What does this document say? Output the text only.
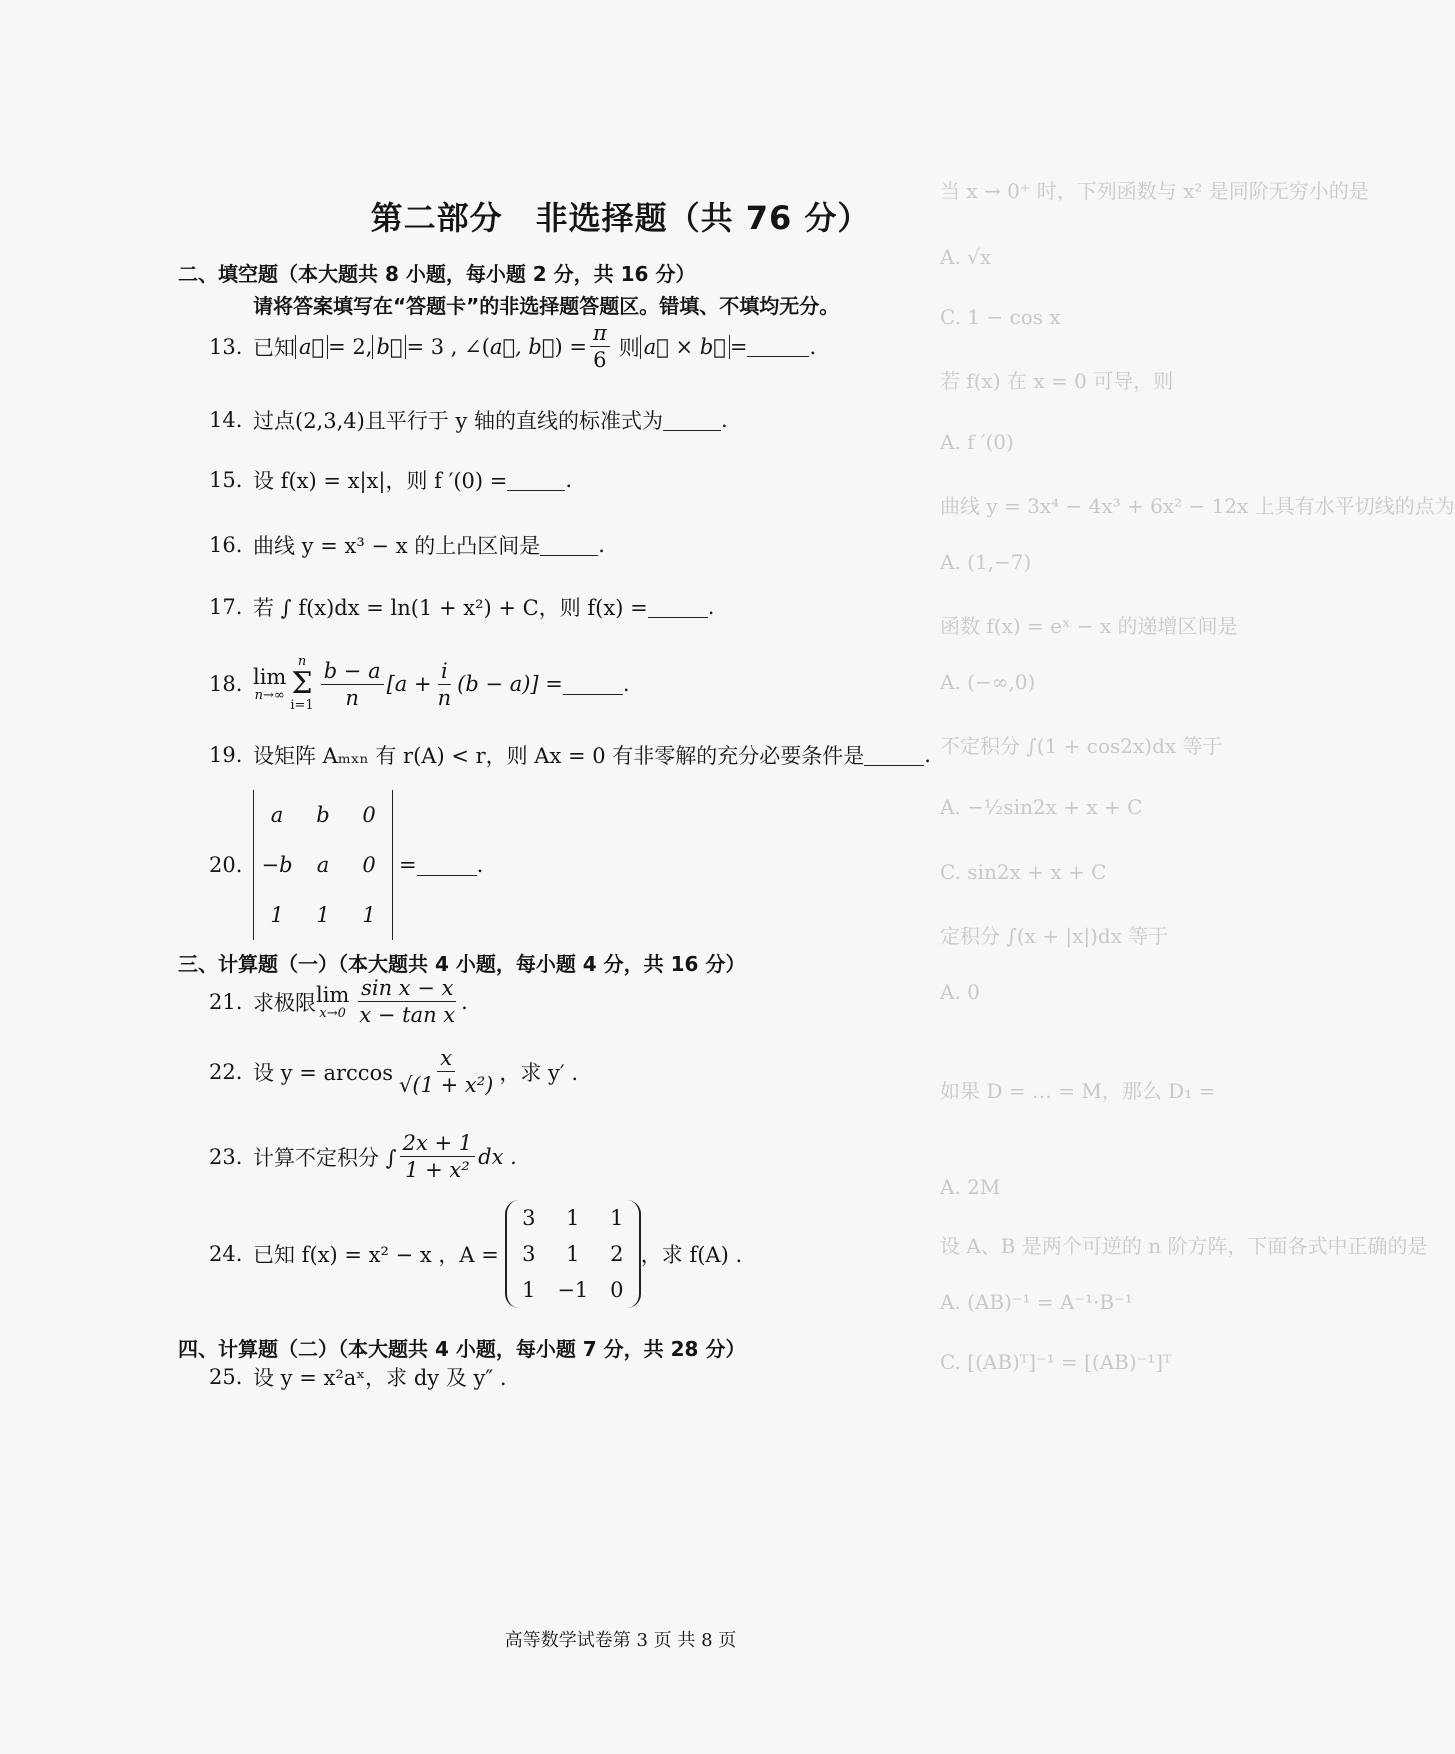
当 x → 0⁺ 时，下列函数与 x² 是同阶无穷小的是
A. √x
C. 1 − cos x
若 f(x) 在 x = 0 可导，则
A. f ′(0)
曲线 y = 3x⁴ − 4x³ + 6x² − 12x 上具有水平切线的点为
A. (1,−7)
函数 f(x) = eˣ − x 的递增区间是
A. (−∞,0)
不定积分 ∫(1 + cos2x)dx 等于
A. −½sin2x + x + C
C. sin2x + x + C
定积分 ∫(x + |x|)dx 等于
A. 0
如果 D = … = M，那么 D₁ =
A. 2M
设 A、B 是两个可逆的 n 阶方阵，下面各式中正确的是
A. (AB)⁻¹ = A⁻¹·B⁻¹
C. [(AB)ᵀ]⁻¹ = [(AB)⁻¹]ᵀ
第二部分　非选择题（共 76 分）
二、填空题（本大题共 8 小题，每小题 2 分，共 16 分）
请将答案填写在“答题卡”的非选择题答题区。错填、不填均无分。
13. 已知 a⃗ = 2, b⃗ = 3 , ∠( a⃗, b⃗ ) = $\frac{\pi}{6}$ 则 a⃗ × b⃗ =	.
14. 过点(2,3,4)且平行于 y 轴的直线的标准式为	.
15. 设 f(x) = x|x|，则 f ′(0) =	.
16. 曲线 y = x³ − x 的上凸区间是	.
17. 若 ∫ f(x)dx = ln(1 + x²) + C，则 f(x) =	.
18. lim
n→∞
n
Σ
$i=1 \frac{b - a}{n} [a + \frac{i}{n} (b - a)]$ =	.
19. 设矩阵 Aₘₓₙ 有 r(A) < r，则 Ax = 0 有非零解的充分必要条件是	.
20.
a	b	0
−b	a	0
1	1	1
=	.
三、计算题（一）（本大题共 4 小题，每小题 4 分，共 16 分）
21. 求极限 lim
$x\to 0 \frac{\text{sin x − x}}{\text{x − tan x}}$ .
22. 设 $y = \arccos \frac{x}{\text{√(1 + x²)}}$ ，求 y′ .
23. 计算不定积分 ∫ $\frac{2x + 1}{\text{1 + x²}}$ dx .
24. 已知 f(x) = x² − x ，A =
3	1	1
3	1	2
1	−1	0
，求 f(A) .
四、计算题（二）（本大题共 4 小题，每小题 7 分，共 28 分）
25. 设 y = x²aˣ，求 dy 及 y″ .
高等数学试卷第 3 页 共 8 页
